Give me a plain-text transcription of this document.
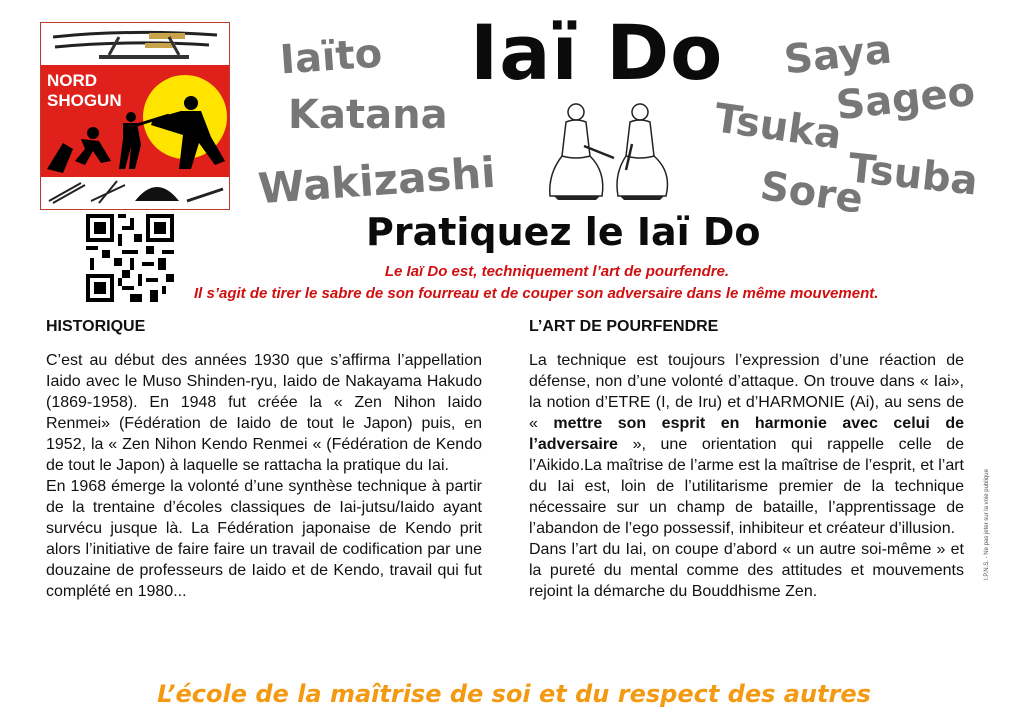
NORD
SHOGUN
Iaïto
Katana
Wakizashi
Saya
Sageo
Tsuka
Tsuba
Sore
Iaï Do
Pratiquez le Iaï Do
Le Iaï Do est, techniquement l’art de pourfendre.
Il s’agit de tirer le sabre de son fourreau et de couper son adversaire dans le même mouvement.
HISTORIQUE

C’est au début des années 1930 que s’affirma l’appellation Iaido avec le Muso Shinden-ryu, Iaido de Nakayama Hakudo (1869-1958). En 1948 fut créée la « Zen Nihon Iaido Renmei» (Fédération de Iaido de tout le Japon) puis, en 1952, la « Zen Nihon Kendo Renmei « (Fédération de Kendo de tout le Japon) à laquelle se rattacha la pratique du Iai.

En 1968 émerge la volonté d’une synthèse technique à partir de la trentaine d’écoles classiques de Iai-jutsu/Iaido ayant survécu jusque là. La Fédération japonaise de Kendo prit alors l’initiative de faire faire un travail de codification par une douzaine de professeurs de Iaido et de Kendo, travail qui fut complété en 1980...

L’ART DE POURFENDRE

La technique est toujours l’expression d’une réaction de défense, non d’une volonté d’attaque. On trouve dans « Iai», la notion d’ETRE (I, de Iru) et d’HARMONIE (Ai), au sens de « mettre son esprit en harmonie avec celui de l’adversaire », une orientation qui rappelle celle de l’Aikido.La maîtrise de l’arme est la maîtrise de l’esprit, et l’art du Iai est, loin de l’utilitarisme premier de la technique nécessaire sur un champ de bataille, l’apprentissage de l’abandon de l’ego possessif, inhibiteur et créateur d’illusion.

Dans l’art du Iai, on coupe d’abord « un autre soi-même » et la pureté du mental comme des attitudes et mouvements rejoint la démarche du Bouddhisme Zen.

L’école de la maîtrise de soi et du respect des autres
I.P.N.S. - Ne pas jeter sur la voie publique
